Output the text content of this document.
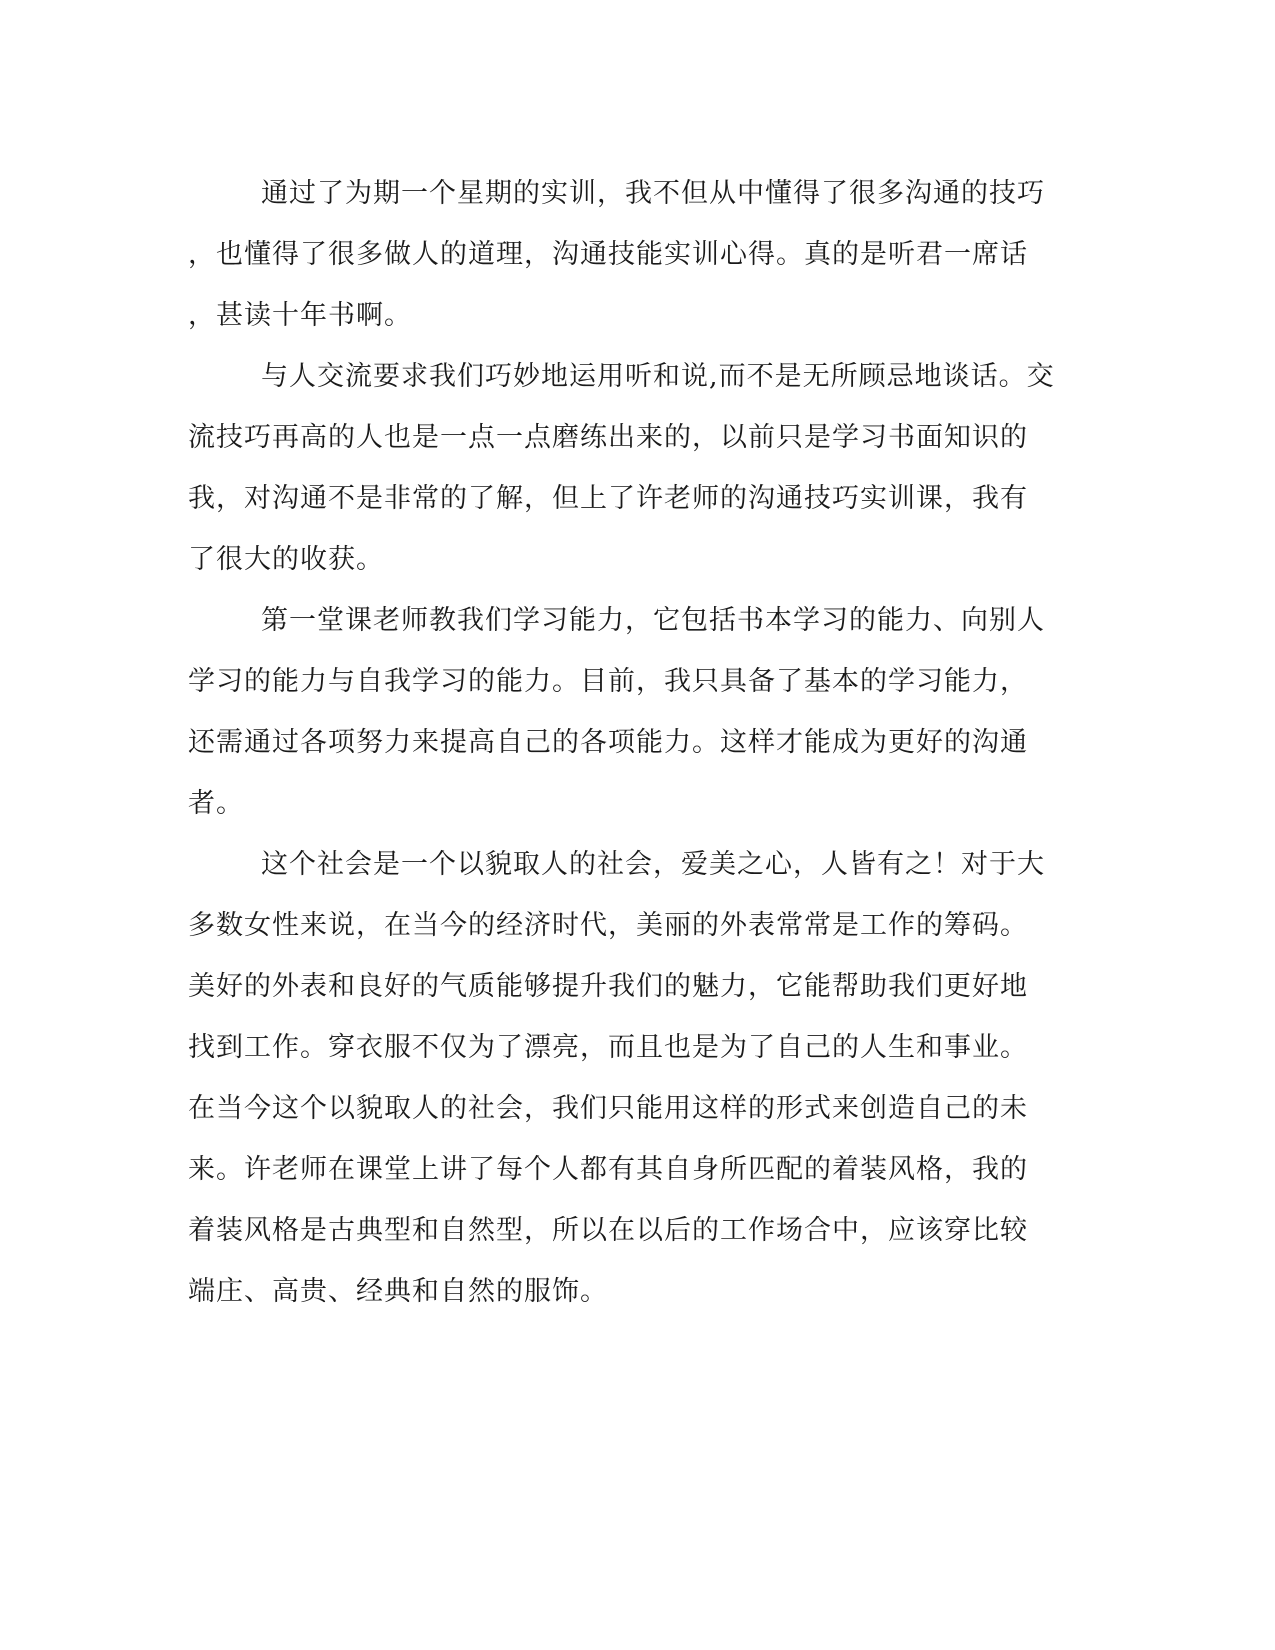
通过了为期一个星期的实训，我不但从中懂得了很多沟通的技巧
，也懂得了很多做人的道理，沟通技能实训心得。真的是听君一席话
，甚读十年书啊。
与人交流要求我们巧妙地运用听和说,而不是无所顾忌地谈话。交
流技巧再高的人也是一点一点磨练出来的，以前只是学习书面知识的
我，对沟通不是非常的了解，但上了许老师的沟通技巧实训课，我有
了很大的收获。
第一堂课老师教我们学习能力，它包括书本学习的能力、向别人
学习的能力与自我学习的能力。目前，我只具备了基本的学习能力，
还需通过各项努力来提高自己的各项能力。这样才能成为更好的沟通
者。
这个社会是一个以貌取人的社会，爱美之心，人皆有之！对于大
多数女性来说，在当今的经济时代，美丽的外表常常是工作的筹码。
美好的外表和良好的气质能够提升我们的魅力，它能帮助我们更好地
找到工作。穿衣服不仅为了漂亮，而且也是为了自己的人生和事业。
在当今这个以貌取人的社会，我们只能用这样的形式来创造自己的未
来。许老师在课堂上讲了每个人都有其自身所匹配的着装风格，我的
着装风格是古典型和自然型，所以在以后的工作场合中，应该穿比较
端庄、高贵、经典和自然的服饰。
